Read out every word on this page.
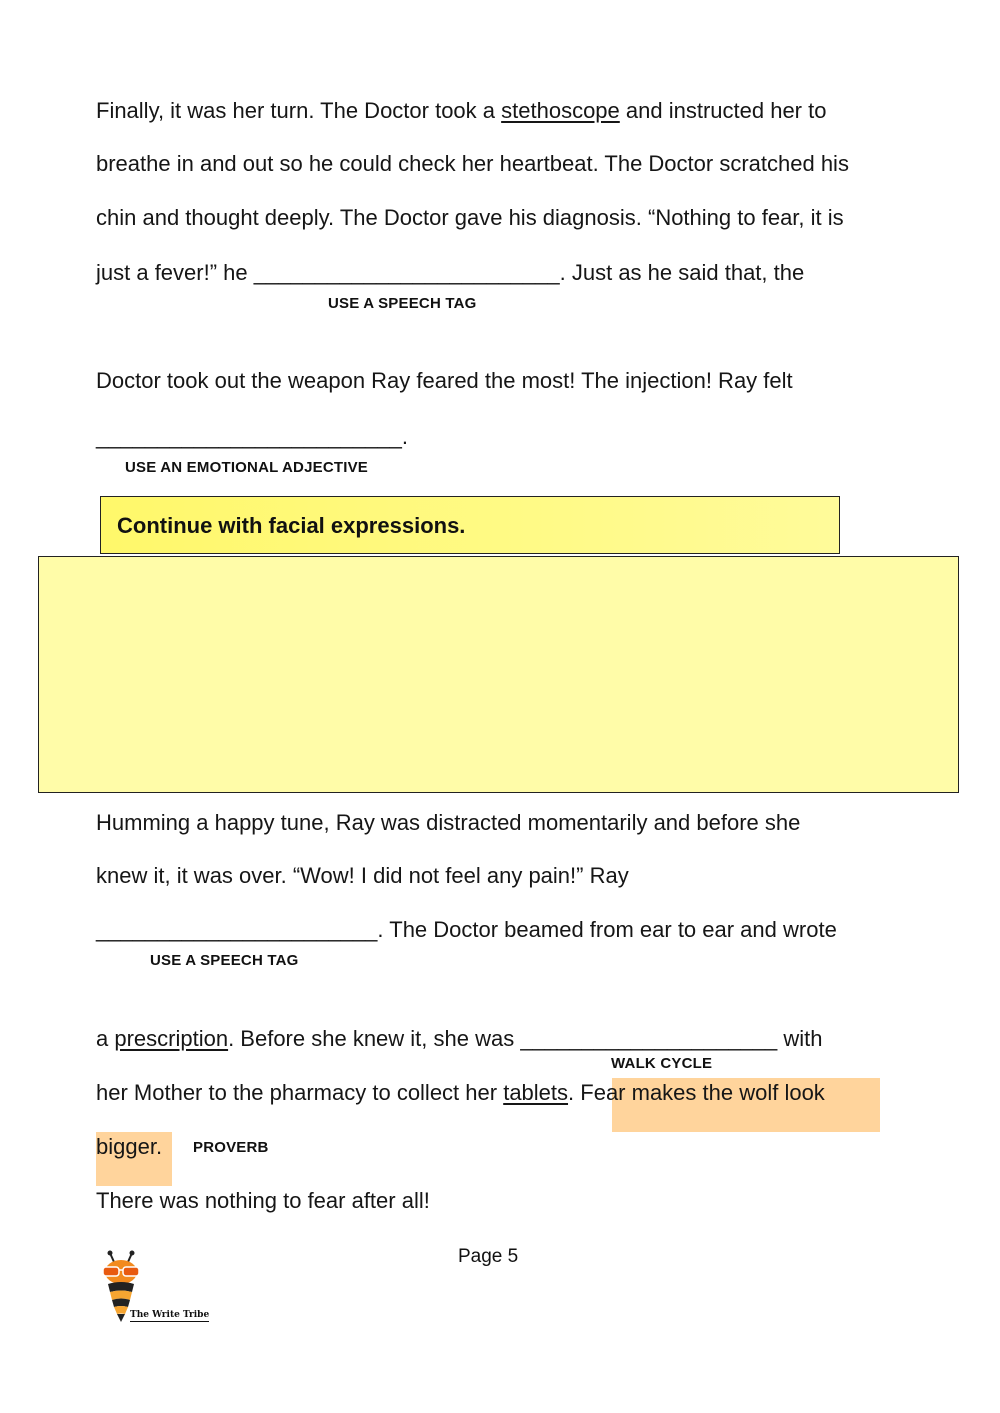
Finally, it was her turn. The Doctor took a stethoscope and instructed her to

breathe in and out so he could check her heartbeat. The Doctor scratched his

chin and thought deeply. The Doctor gave his diagnosis. “Nothing to fear, it is

just a fever!” he _________________________. Just as he said that, the

USE A SPEECH TAG

Doctor took out the weapon Ray feared the most! The injection! Ray felt

_________________________.

USE AN EMOTIONAL ADJECTIVE

Continue with facial expressions.

Humming a happy tune, Ray was distracted momentarily and before she

knew it, it was over. “Wow! I did not feel any pain!” Ray

_______________________. The Doctor beamed from ear to ear and wrote

USE A SPEECH TAG

a prescription. Before she knew it, she was _____________________ with

WALK CYCLE

her Mother to the pharmacy to collect her tablets. Fear makes the wolf look

bigger. PROVERB

There was nothing to fear after all!

Page 5
The Write Tribe
